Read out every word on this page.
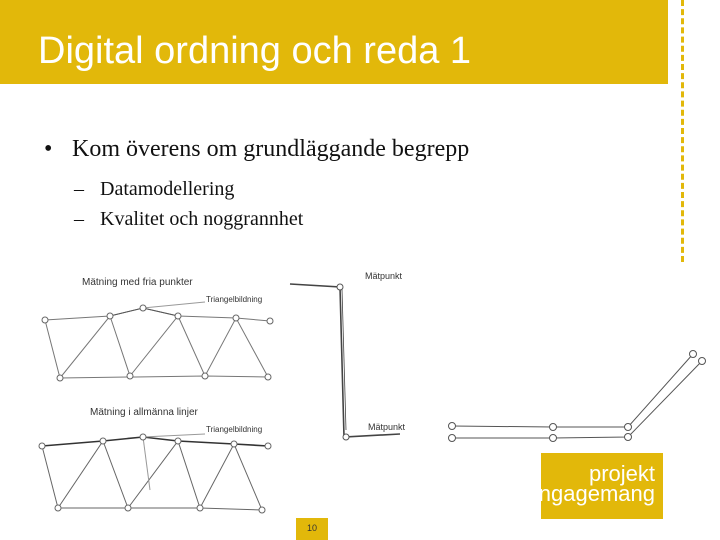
Digital ordning och reda 1
• Kom överens om grundläggande begrepp
– Datamodellering
– Kvalitet och noggrannhet
Mätning med fria punkter
Triangelbildning
Mätning i allmänna linjer
Triangelbildning
Mätpunkt
Mätpunkt
projekt
engagemang
10
